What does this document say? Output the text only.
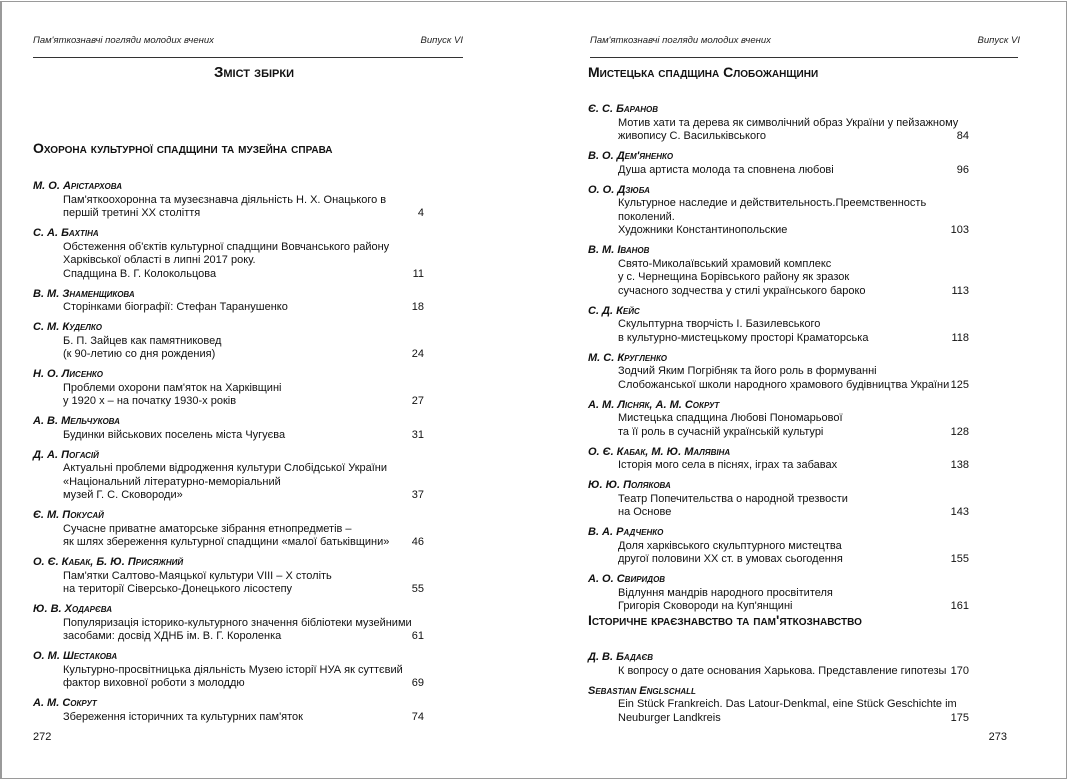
Пам'яткознавчі погляди молодих вчених	Випуск VI
Зміст збірки
Охорона культурної спадщини та музейна справа
М. О. Арістархова
Пам'яткоохоронна та музеєзнавча діяльність Н. Х. Онацького в
першій третині ХХ століття	4
С. А. Бахтіна
Обстеження об'єктів культурної спадщини Вовчанського району
Харківської області в липні 2017 року.
Спадщина В. Г. Колокольцова	11
В. М. Знаменщикова
Сторінками біографії: Стефан Таранушенко	18
С. М. Куделко
Б. П. Зайцев как памятниковед
(к 90-летию со дня рождения)	24
Н. О. Лисенко
Проблеми охорони пам'яток на Харківщині
у 1920 х – на початку 1930-х років	27
А. В. Мельчукова
Будинки військових поселень міста Чугуєва	31
Д. А. Погасій
Актуальні проблеми відродження культури Слобідської України
«Національний літературно-меморіальний
музей Г. С. Сковороди»	37
Є. М. Покусай
Сучасне приватне аматорське зібрання етнопредметів –
як шлях збереження культурної спадщини «малої батьківщини» 46
О. Є. Кабак, Б. Ю. Присяжний
Пам'ятки Салтово-Маяцької культури VIII – X століть
на території Сіверсько-Донецького лісостепу	55
Ю. В. Ходарєва
Популяризація історико-культурного значення бібліотеки музейними
засобами: досвід ХДНБ ім. В. Г. Короленка	61
О. М. Шестакова
Культурно-просвітницька діяльність Музею історії НУА як суттєвий
фактор виховної роботи з молоддю	69
А. М. Сокрут
Збереження історичних та культурних пам'яток	74
272
Пам'яткознавчі погляди молодих вчених	Випуск VI
Мистецька спадщина Слобожанщини
Є. С. Баранов
Мотив хати та дерева як символічний образ України у пейзажному
живопису С. Васильківського	84
В. О. Дем'яненко
Душа артиста молода та сповнена любові	96
О. О. Дзюба
Культурное наследие и действительность.Преемственность
поколений.
Художники Константинопольские	103
В. М. Іванов
Свято-Миколаївський храмовий комплекс
у с. Чернещина Борівського району як зразок
сучасного зодчества у стилі українського бароко	113
С. Д. Кейс
Скульптурна творчість І. Базилевського
в культурно-мистецькому просторі Краматорська	118
М. С. Кругленко
Зодчий Яким Погрібняк та його роль в формуванні
Слобожанської школи народного храмового будівництва України 125
А. М. Лісняк, А. М. Сокрут
Мистецька спадщина Любові Пономарьової
та її роль в сучасній українській культурі	128
О. Є. Кабак, М. Ю. Малявіна
Історія мого села в піснях, іграх та забавах	138
Ю. Ю. Полякова
Театр Попечительства о народной трезвости
на Основе	143
В. А. Радченко
Доля харківського скульптурного мистецтва
другої половини ХХ ст. в умовах сьогодення	155
А. О. Свиридов
Відлуння мандрів народного просвітителя
Григорія Сковороди на Куп'янщині	161
Історичне краєзнавство та пам'яткознавство
Д. В. Бадаєв
К вопросу о дате основания Харькова. Представление гипотезы 170
Sebastian Englschall
Ein Stück Frankreich. Das Latour-Denkmal, eine Stück Geschichte im
Neuburger Landkreis	175
273
